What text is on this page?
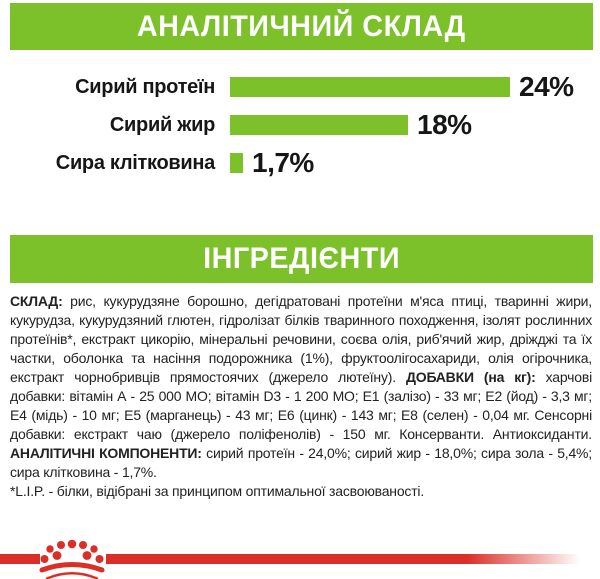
АНАЛІТИЧНИЙ СКЛАД
Сирий протеїн	24%
Сирий жир	18%
Сира клітковина 1,7%
ІНГРЕДІЄНТИ
СКЛАД: рис, кукурудзяне борошно, дегідратовані протеїни м'яса птиці, тваринні жири, кукурудза, кукурудзяний глютен, гідролізат білків тваринного походження, ізолят рослинних протеїнів*, екстракт цикорію, мінеральні речовини, соєва олія, риб'ячий жир, дріжджі та їх частки, оболонка та насіння подорожника (1%), фруктоолігосахариди, олія огірочника, екстракт чорнобривців прямостоячих (джерело лютеїну). ДОБАВКИ (на кг): харчові добавки: вітамін А - 25 000 МО; вітамін D3 - 1 200 МО; Е1 (залізо) - 33 мг; Е2 (йод) - 3,3 мг; Е4 (мідь) - 10 мг; Е5 (марганець) - 43 мг; Е6 (цинк) - 143 мг; Е8 (селен) - 0,04 мг. Сенсорні добавки: екстракт чаю (джерело поліфенолів) - 150 мг. Консерванти. Антиоксиданти. АНАЛІТИЧНІ КОМПОНЕНТИ: сирий протеїн - 24,0%; сирий жир - 18,0%; сира зола - 5,4%; сира клітковина - 1,7%.
*L.I.P. - білки, відібрані за принципом оптимальної засвоюваності.
